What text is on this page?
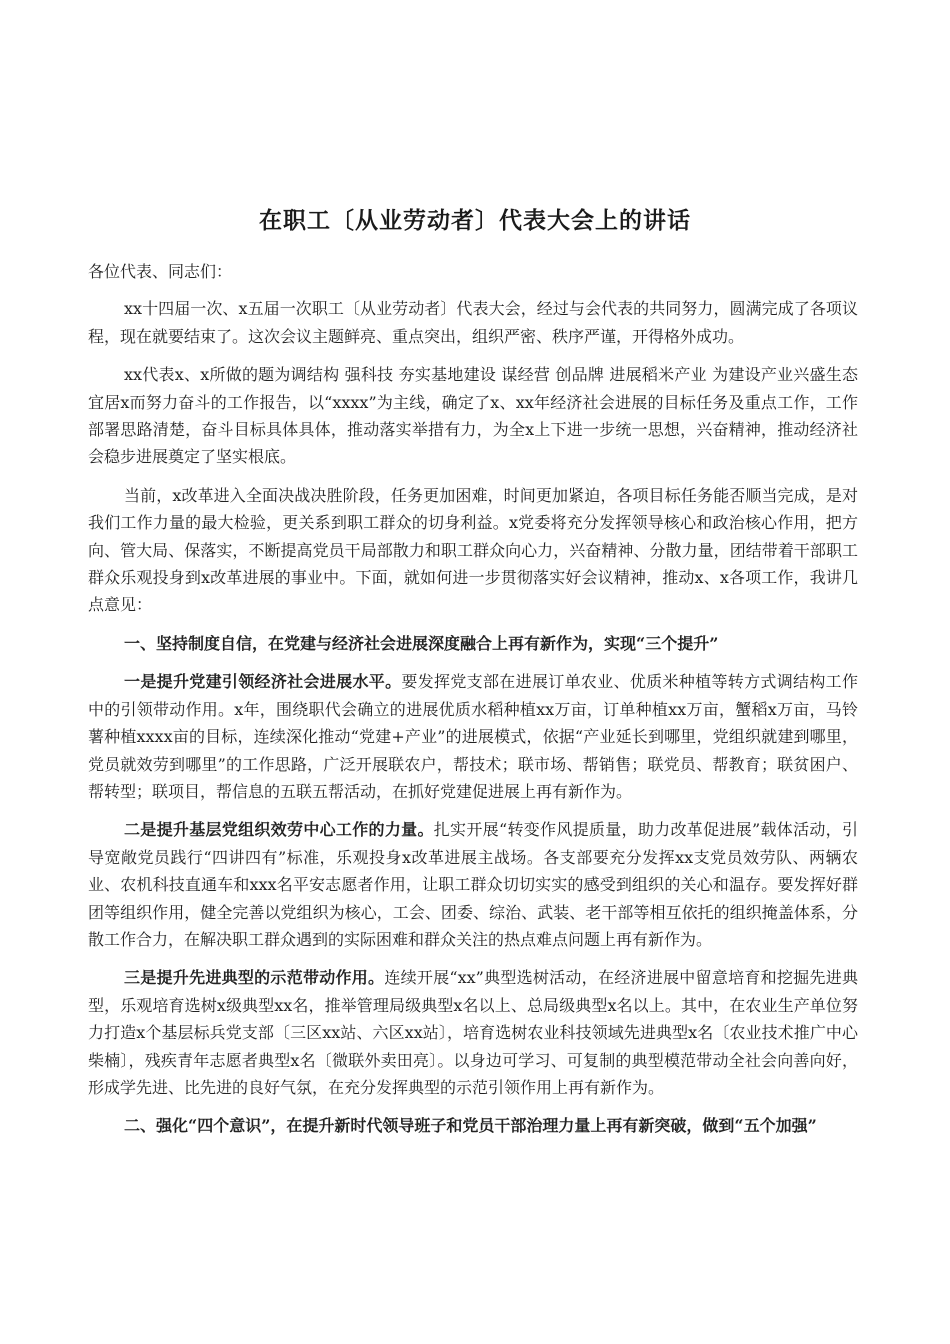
在职工〔从业劳动者〕代表大会上的讲话

各位代表、同志们：

xx十四届一次、x五届一次职工〔从业劳动者〕代表大会，经过与会代表的共同努力，圆满完成了各项议程，现在就要结束了。这次会议主题鲜亮、重点突出，组织严密、秩序严谨，开得格外成功。

xx代表x、x所做的题为调结构 强科技 夯实基地建设 谋经营 创品牌 进展稻米产业 为建设产业兴盛生态宜居x而努力奋斗的工作报告，以“xxxx”为主线，确定了x、xx年经济社会进展的目标任务及重点工作，工作部署思路清楚，奋斗目标具体具体，推动落实举措有力，为全x上下进一步统一思想，兴奋精神，推动经济社会稳步进展奠定了坚实根底。

当前，x改革进入全面决战决胜阶段，任务更加困难，时间更加紧迫，各项目标任务能否顺当完成，是对我们工作力量的最大检验，更关系到职工群众的切身利益。x党委将充分发挥领导核心和政治核心作用，把方向、管大局、保落实，不断提高党员干局部散力和职工群众向心力，兴奋精神、分散力量，团结带着干部职工群众乐观投身到x改革进展的事业中。下面，就如何进一步贯彻落实好会议精神，推动x、x各项工作，我讲几点意见：

一、坚持制度自信，在党建与经济社会进展深度融合上再有新作为，实现“三个提升”

一是提升党建引领经济社会进展水平。要发挥党支部在进展订单农业、优质米种植等转方式调结构工作中的引领带动作用。x年，围绕职代会确立的进展优质水稻种植xx万亩，订单种植xx万亩，蟹稻x万亩，马铃薯种植xxxx亩的目标，连续深化推动“党建+产业”的进展模式，依据“产业延长到哪里，党组织就建到哪里，党员就效劳到哪里”的工作思路，广泛开展联农户，帮技术；联市场、帮销售；联党员、帮教育；联贫困户、帮转型；联项目，帮信息的五联五帮活动，在抓好党建促进展上再有新作为。

二是提升基层党组织效劳中心工作的力量。扎实开展“转变作风提质量，助力改革促进展”载体活动，引导宽敞党员践行“四讲四有”标准，乐观投身x改革进展主战场。各支部要充分发挥xx支党员效劳队、两辆农业、农机科技直通车和xxx名平安志愿者作用，让职工群众切切实实的感受到组织的关心和温存。要发挥好群团等组织作用，健全完善以党组织为核心，工会、团委、综治、武装、老干部等相互依托的组织掩盖体系，分散工作合力，在解决职工群众遇到的实际困难和群众关注的热点难点问题上再有新作为。

三是提升先进典型的示范带动作用。连续开展“xx”典型选树活动，在经济进展中留意培育和挖掘先进典型，乐观培育选树x级典型xx名，推举管理局级典型x名以上、总局级典型x名以上。其中，在农业生产单位努力打造x个基层标兵党支部〔三区xx站、六区xx站〕，培育选树农业科技领域先进典型x名〔农业技术推广中心柴楠〕，残疾青年志愿者典型x名〔微联外卖田亮〕。以身边可学习、可复制的典型模范带动全社会向善向好，形成学先进、比先进的良好气氛，在充分发挥典型的示范引领作用上再有新作为。

二、强化“四个意识”，在提升新时代领导班子和党员干部治理力量上再有新突破，做到“五个加强”
